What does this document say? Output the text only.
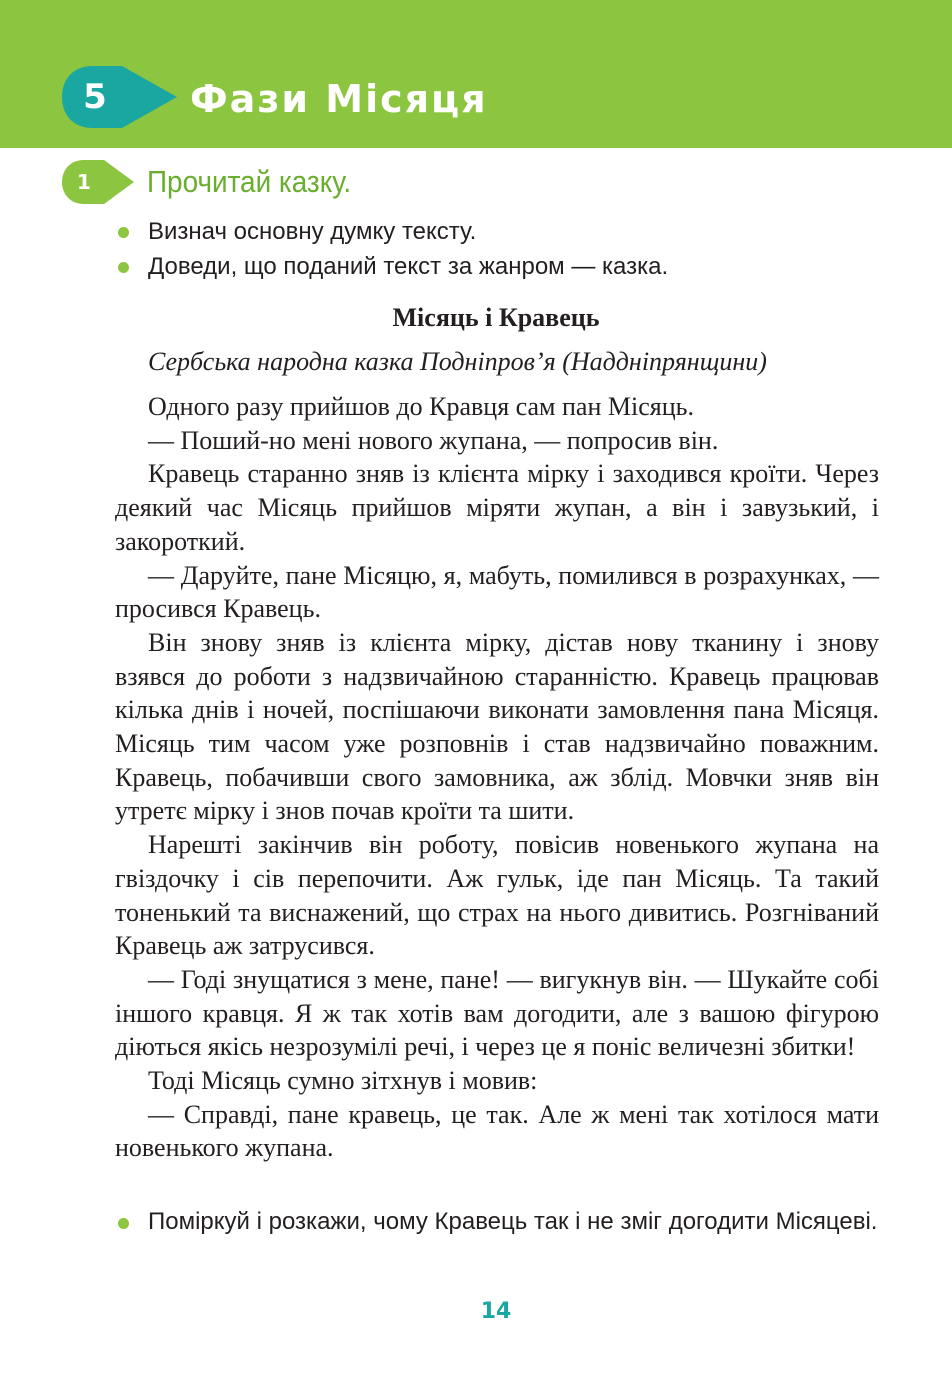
5	Фази Місяця
1	Прочитай казку.
Визнач основну думку тексту.
Доведи, що поданий текст за жанром — казка.
Місяць і Кравець
Сербська народна казка Подніпров’я (Наддніпрянщини)

Одного разу прийшов до Кравця сам пан Місяць.

— Поший-но мені нового жупана, — попросив він.

Кравець старанно зняв із клієнта мірку і заходився кроїти. Через деякий час Місяць прийшов міряти жупан, а він і завузький, і закороткий.

— Даруйте, пане Місяцю, я, мабуть, помилився в розрахунках, — просився Кравець.

Він знову зняв із клієнта мірку, дістав нову тканину і знову взявся до роботи з надзвичайною старанністю. Кравець працював кілька днів і ночей, поспішаючи виконати замовлення пана Місяця. Місяць тим часом уже розповнів і став надзвичайно поважним. Кравець, побачивши свого замовника, аж зблід. Мовчки зняв він утретє мірку і знов почав кроїти та шити.

Нарешті закінчив він роботу, повісив новенького жупана на гвіздочку і сів перепочити. Аж гульк, іде пан Місяць. Та такий тоненький та виснажений, що страх на нього дивитись. Розгніваний Кравець аж затрусився.

— Годі знущатися з мене, пане! — вигукнув він. — Шукайте собі іншого кравця. Я ж так хотів вам догодити, але з вашою фігурою діються якісь незрозумілі речі, і через це я поніс величезні збитки!

Тоді Місяць сумно зітхнув і мовив:

— Справді, пане кравець, це так. Але ж мені так хотілося мати новенького жупана.

Поміркуй і розкажи, чому Кравець так і не зміг догодити Місяцеві.
14
